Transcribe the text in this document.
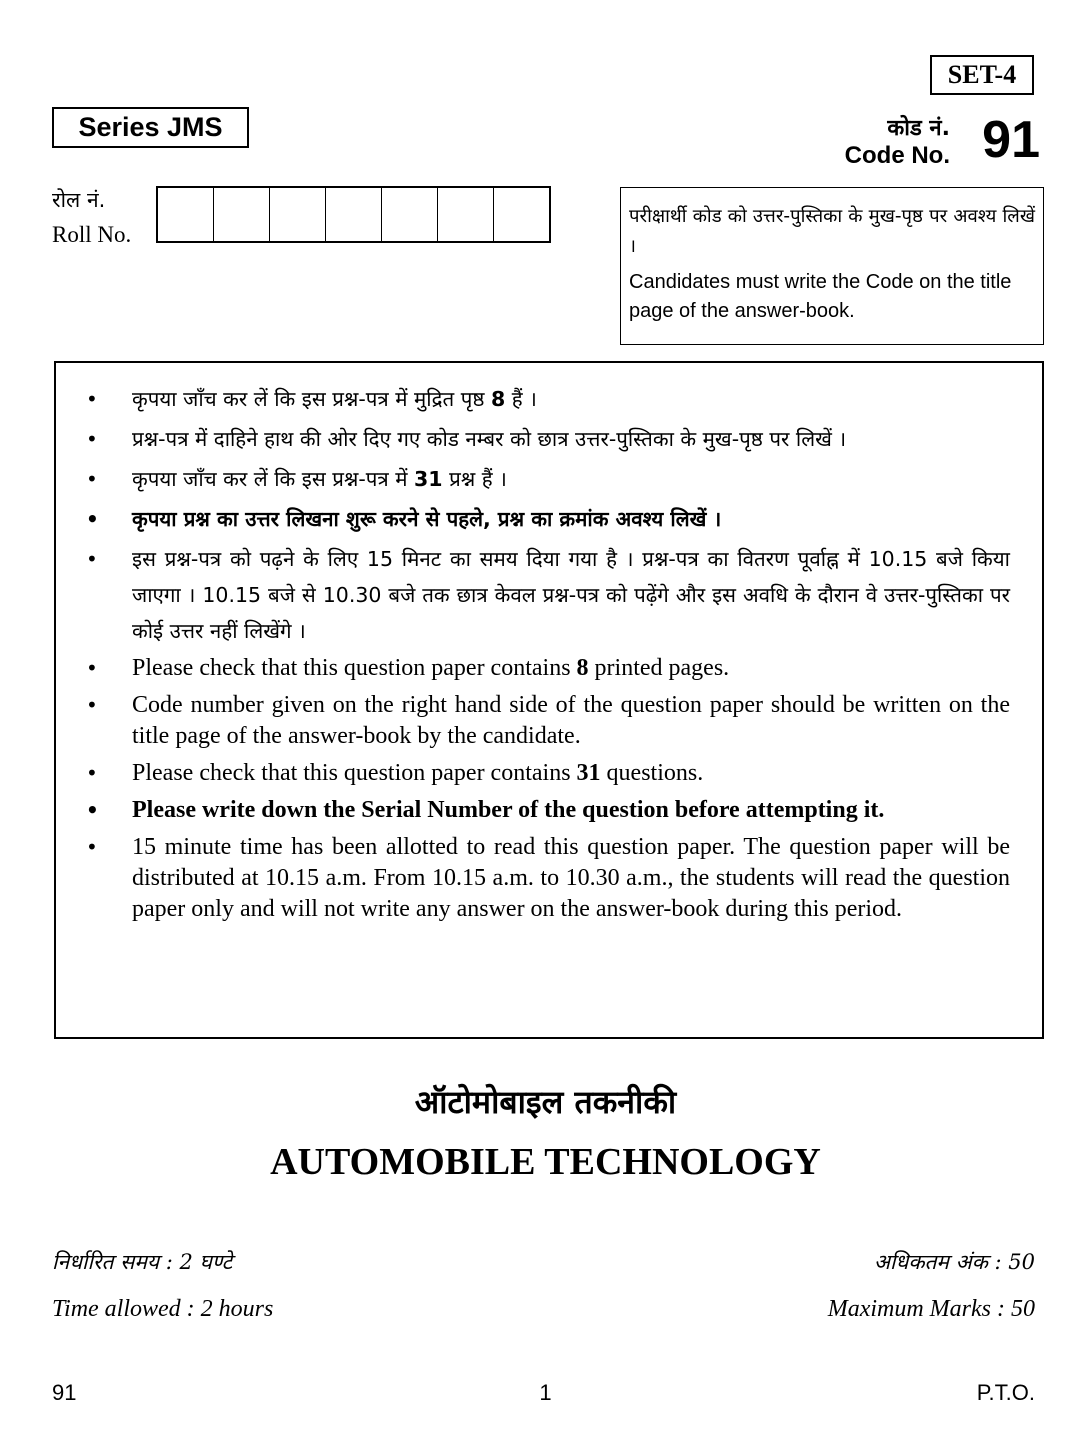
SET-4
Series JMS	कोड नं.
Code No. 91
रोल नं.
Roll No.

परीक्षार्थी कोड को उत्तर-पुस्तिका के मुख-पृष्ठ पर अवश्य लिखें ।

Candidates must write the Code on the title page of the answer-book.

• कृपया जाँच कर लें कि इस प्रश्न-पत्र में मुद्रित पृष्ठ 8 हैं ।
• प्रश्न-पत्र में दाहिने हाथ की ओर दिए गए कोड नम्बर को छात्र उत्तर-पुस्तिका के मुख-पृष्ठ पर लिखें ।
• कृपया जाँच कर लें कि इस प्रश्न-पत्र में 31 प्रश्न हैं ।
• कृपया प्रश्न का उत्तर लिखना शुरू करने से पहले, प्रश्न का क्रमांक अवश्य लिखें ।
• इस प्रश्न-पत्र को पढ़ने के लिए 15 मिनट का समय दिया गया है । प्रश्न-पत्र का वितरण पूर्वाह्न में 10.15 बजे किया जाएगा । 10.15 बजे से 10.30 बजे तक छात्र केवल प्रश्न-पत्र को पढ़ेंगे और इस अवधि के दौरान वे उत्तर-पुस्तिका पर कोई उत्तर नहीं लिखेंगे ।
• Please check that this question paper contains 8 printed pages.
• Code number given on the right hand side of the question paper should be written on the title page of the answer-book by the candidate.
• Please check that this question paper contains 31 questions.
• Please write down the Serial Number of the question before attempting it.
• 15 minute time has been allotted to read this question paper. The question paper will be distributed at 10.15 a.m. From 10.15 a.m. to 10.30 a.m., the students will read the question paper only and will not write any answer on the answer-book during this period.
ऑटोमोबाइल तकनीकी
AUTOMOBILE TECHNOLOGY
निर्धारित समय : 2 घण्टे
Time allowed : 2 hours
अधिकतम अंक : 50
Maximum Marks : 50
91	1	P.T.O.
